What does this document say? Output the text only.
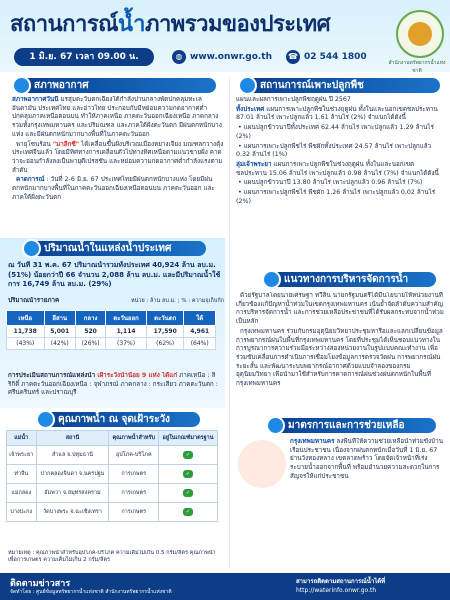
สถานการณ์น้ำภาพรวมของประเทศ
1 มิ.ย. 67 เวลา 09.00 น.	◍ www.onwr.go.th ☎ 02 544 1800
สำนักงานทรัพยากรน้ำแห่งชาติ
สภาพอากาศ

สภาพอากาศวันนี้ มรสุมตะวันตกเฉียงใต้กำลังปานกลางพัดปกคลุมทะเลอันดามัน ประเทศไทย และอ่าวไทย ประกอบกับมีหย่อมความกดอากาศต่ำปกคลุมภาคเหนือตอนบน ทำให้ภาคเหนือ ภาคตะวันออกเฉียงเหนือ ภาคกลางรวมทั้งกรุงเทพมหานคร และปริมณฑล และภาคใต้ฝั่งตะวันตก มีฝนตกหนักบางแห่ง และมีฝนตกหนักมากบางพื้นที่ในภาคตะวันออก

พายุโซนร้อน "มาลีกซี" ได้เคลื่อนขึ้นฝั่งบริเวณเมืองหยางเจียง มณฑลกวางตุ้ง ประเทศจีนแล้ว โดยมีทิศทางการเคลื่อนตัวไปทางทิศเหนือตามแนวชายฝั่ง คาดว่าจะอ่อนกำลังลงเป็นพายุดีเปรสชัน และหย่อมความกดอากาศต่ำกำลังแรงตามลำดับ

คาดการณ์ : วันที่ 2-6 มิ.ย. 67 ประเทศไทยมีฝนตกหนักบางแห่ง โดยมีฝนตกหนักมากบางพื้นที่ในภาคตะวันออกเฉียงเหนือตอนบน ภาคตะวันออก และภาคใต้ฝั่งตะวันตก

ปริมาณน้ำในแหล่งน้ำประเทศ
ณ วันที่ 31 พ.ค. 67 ปริมาณน้ำรวมทั้งประเทศ 40,924 ล้าน ลบ.ม. (51%) น้อยกว่าปี 66 จำนวน 2,088 ล้าน ลบ.ม. และมีปริมาณน้ำใช้การ 16,749 ล้าน ลบ.ม. (29%)
ปริมาณน้ำรายภาค	หน่วย : ล้าน ลบ.ม. ; % : ความจุเก็บกัก
เหนือ	อีสาน	กลาง	ตะวันออก	ตะวันตก	ใต้
11,738	5,001	520	1,114	17,590	4,961
(43%)	(42%)	(26%)	(37%)	(62%)	(64%)
การประเมินสถานการณ์แหล่งน้ำ เฝ้าระวังน้ำน้อย 9 แห่ง ได้แก่ ภาคเหนือ : สิริกิติ์ ภาคตะวันออกเฉียงเหนือ : จุฬาภรณ์ ภาคกลาง : กระเสียว ภาคตะวันตก : ศรีนครินทร์ และปราณบุรี
คุณภาพน้ำ ณ จุดเฝ้าระวัง
แม่น้ำ	สถานี	คุณภาพน้ำสำหรับ	อยู่ในเกณฑ์มาตรฐาน
เจ้าพระยา	สำแล จ.ปทุมธานี	อุปโภค-บริโภค	✓
ท่าจีน	ปากคลองจินดา จ.นครปฐม	การเกษตร	✓
แม่กลอง	อัมพวา จ.สมุทรสงคราม	การเกษตร	✓
บางปะกง	วัดบางพระ จ.ฉะเชิงเทรา	การเกษตร	✓
หมายเหตุ : คุณภาพน้ำสำหรับอุปโภค-บริโภค ความเค็มไม่เกิน 0.5 กรัม/ลิตร คุณภาพน้ำเพื่อการเกษตร ความเค็มไม่เกิน 2 กรัม/ลิตร
สถานการณ์เพาะปลูกพืช

แผนและผลการเพาะปลูกพืชฤดูฝน ปี 2567

ทั้งประเทศ แผนการเพาะปลูกพืชในช่วงฤดูฝน ทั้งในและนอกเขตชลประทาน 87.01 ล้านไร่ เพาะปลูกแล้ว 1.61 ล้านไร่ (2%) จำแนกได้ดังนี้

• แผนปลูกข้าวนาปีทั้งประเทศ 62.44 ล้านไร่ เพาะปลูกแล้ว 1.29 ล้านไร่ (2%)

• แผนการเพาะปลูกพืชไร่ พืชผักทั้งประเทศ 24.57 ล้านไร่ เพาะปลูกแล้ว 0.32 ล้านไร่ (1%)

ลุ่มเจ้าพระยา แผนการเพาะปลูกพืชในช่วงฤดูฝน ทั้งในและนอกเขตชลประทาน 15.06 ล้านไร่ เพาะปลูกแล้ว 0.98 ล้านไร่ (7%) จำแนกได้ดังนี้

• แผนปลูกข้าวนาปี 13.80 ล้านไร่ เพาะปลูกแล้ว 0.96 ล้านไร่ (7%)

• แผนการเพาะปลูกพืชไร่ พืชผัก 1.26 ล้านไร่ เพาะปลูกแล้ว 0.02 ล้านไร่ (2%)

แนวทางการบริหารจัดการน้ำ

ด้วยรัฐบาลโดยนายเศรษฐา ทวีสิน นายกรัฐมนตรีได้มีนโยบายให้หน่วยงานที่เกี่ยวข้องแก้ปัญหาน้ำท่วมในเขตกรุงเทพมหานคร เน้นย้ำจัดลำดับความสำคัญการบริหารจัดการน้ำ และการช่วยเหลือประชาชนที่ได้รับผลกระทบจากน้ำท่วมเป็นหลัก

กรุงเทพมหานคร ร่วมกับกรมอุตุนิยมวิทยาประชุมหารือและแลกเปลี่ยนข้อมูลการพยากรณ์ฝนในพื้นที่กรุงเทพมหานคร โดยที่ประชุมได้เห็นชอบแนวทางในการบูรณาการความร่วมมือระหว่างสองหน่วยงานในรูปแบบคณะทำงาน เพื่อร่วมขับเคลื่อนการดำเนินการเชื่อมโยงข้อมูลการตรวจวัดฝน การพยากรณ์ฝนระยะสั้น และพัฒนาระบบพยากรณ์อากาศด้วยแบบจำลองของกรมอุตุนิยมวิทยา เพื่อนำมาใช้สำหรับการคาดการณ์ฝนช่วงฝนตกหนักในพื้นที่กรุงเทพมหานคร

มาตรการและการช่วยเหลือ
กรุงเทพมหานคร ลงพื้นที่ให้ความช่วยเหลือน้ำท่วมขังบ้านเรือนประชาชน เนื่องจากฝนตกหนักเมื่อวันที่ 1 มิ.ย. 67 ย่านวังทองหลาง เขตลาดพร้าว โดยจัดเจ้าหน้าที่เร่งระบายน้ำออกจากพื้นที่ พร้อมอำนวยความสะดวกในการสัญจรให้แก่ประชาชน
ติดตามข่าวสาร
จัดทำโดย : ศูนย์ข้อมูลทรัพยากรน้ำแห่งชาติ สำนักงานทรัพยากรน้ำแห่งชาติ
สามารถติดตามสถานการณ์น้ำได้ที่
http://waterinfo.onwr.go.th
